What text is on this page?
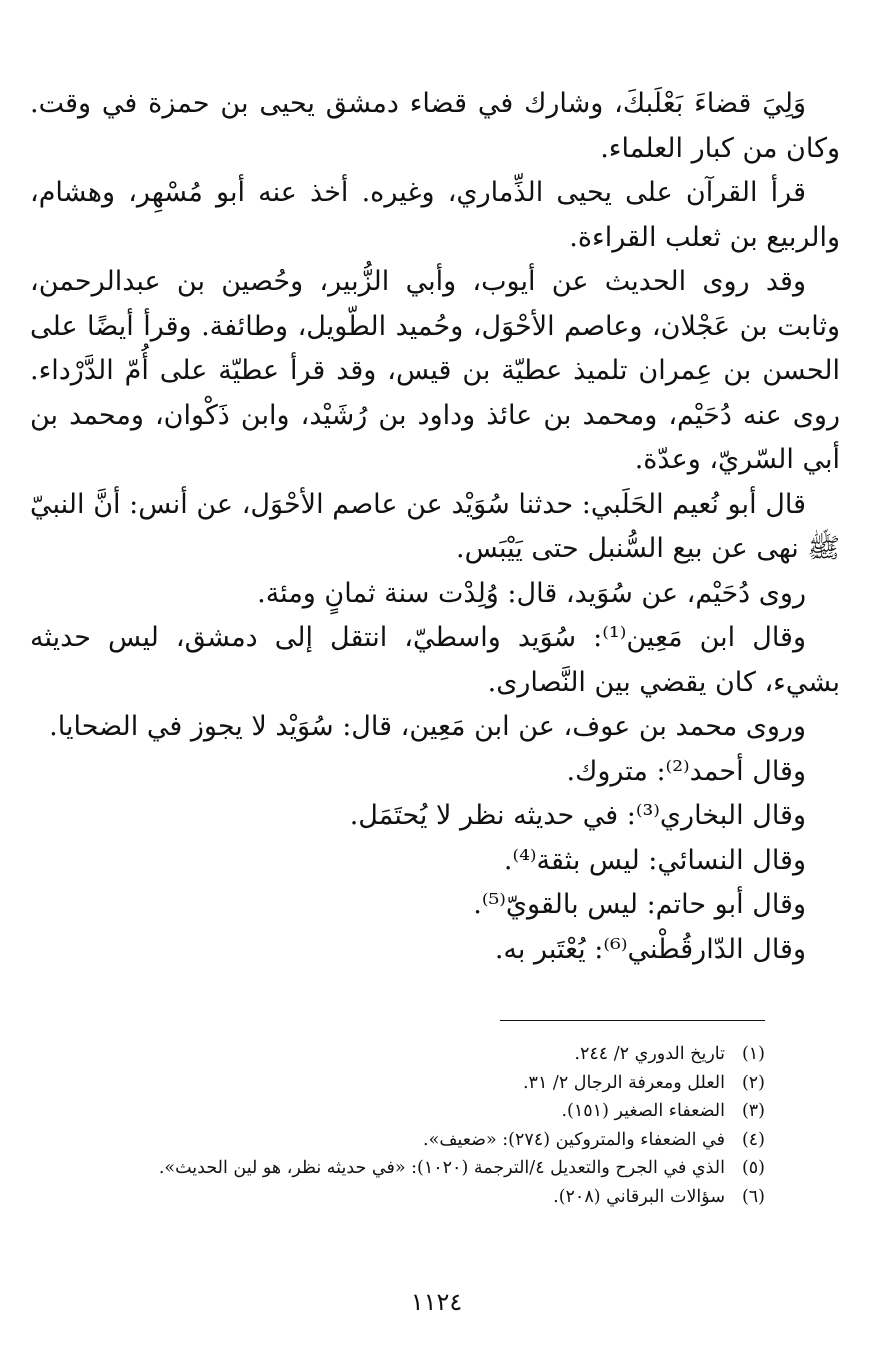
وَلِيَ قضاءَ بَعْلَبكَ، وشارك في قضاء دمشق يحيى بن حمزة في وقت. وكان من كبار العلماء.

قرأ القرآن على يحيى الذِّماري، وغيره. أخذ عنه أبو مُسْهِر، وهشام، والربيع بن ثعلب القراءة.

وقد روى الحديث عن أيوب، وأبي الزُّبير، وحُصين بن عبدالرحمن، وثابت بن عَجْلان، وعاصم الأحْوَل، وحُميد الطّويل، وطائفة. وقرأ أيضًا على الحسن بن عِمران تلميذ عطيّة بن قيس، وقد قرأ عطيّة على أُمّ الدَّرْداء. روى عنه دُحَيْم، ومحمد بن عائذ وداود بن رُشَيْد، وابن ذَكْوان، ومحمد بن أبي السّريّ، وعدّة.

قال أبو نُعيم الحَلَبي: حدثنا سُوَيْد عن عاصم الأحْوَل، عن أنس: أنَّ النبيّ ﷺ نهى عن بيع السُّنبل حتى يَيْبَس.

روى دُحَيْم، عن سُوَيد، قال: وُلِدْت سنة ثمانٍ ومئة.

وقال ابن مَعِين⁽¹⁾: سُوَيد واسطيّ، انتقل إلى دمشق، ليس حديثه بشيء، كان يقضي بين النَّصارى.

وروى محمد بن عوف، عن ابن مَعِين، قال: سُوَيْد لا يجوز في الضحايا.

وقال أحمد⁽²⁾: متروك.

وقال البخاري⁽³⁾: في حديثه نظر لا يُحتَمَل.

وقال النسائي: ليس بثقة⁽⁴⁾.

وقال أبو حاتم: ليس بالقويّ⁽⁵⁾.

وقال الدّارقُطْني⁽⁶⁾: يُعْتَبر به.

(١)تاريخ الدوري ٢/ ٢٤٤.
(٢)العلل ومعرفة الرجال ٢/ ٣١.
(٣)الضعفاء الصغير (١٥١).
(٤)في الضعفاء والمتروكين (٢٧٤): «ضعيف».
(٥)الذي في الجرح والتعديل ٤/الترجمة (١٠٢٠): «في حديثه نظر، هو لين الحديث».
(٦)سؤالات البرقاني (٢٠٨).
١١٢٤
